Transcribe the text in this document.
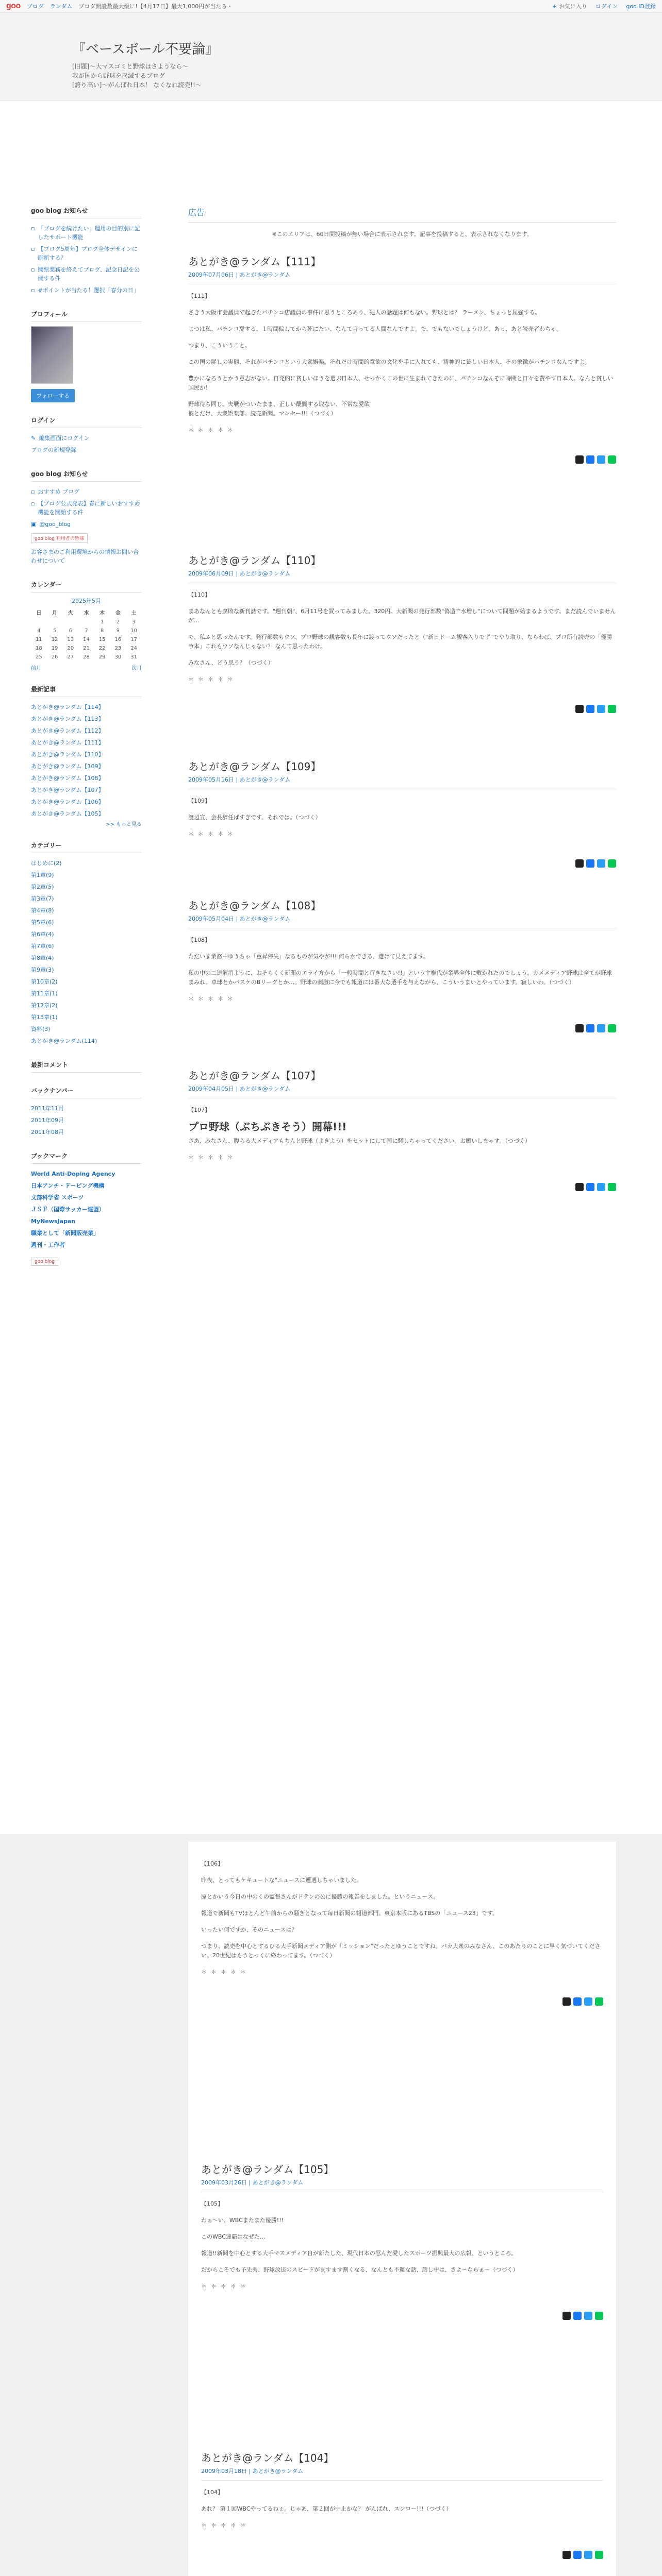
goo ブログ ランダム ブログ開設数最大級に!【4月17日】最大1,000円が当たる・	+ お気に入り ログイン goo ID登録
『ベースボール不要論』
[旧題]〜大マスゴミと野球はさようなら〜
我が国から野球を撲滅するブログ
[誇り高い]〜がんばれ日本！ なくなれ読売!!〜
goo blog お知らせ
▫ 「ブログを続けたい」運用の目的別に記したサポート機能
▫ 【ブログ5周年】ブログ全体デザインに刷新する？
▫ 開票業務を終えてブログ、記念日記を公開する件
▫ #ポイントが当たる！選択「春分の日」
プロフィール
フォローする
ログイン
✎ 編集画面にログイン
ブログの新規登録
goo blog お知らせ
▫ おすすめ ブログ
▫ 【ブログ公式発表】春に新しいおすすめ機能を開始する件
▣ @goo_blog
goo blog 利用者の皆様
お客さまのご利用環境からの情報お問い合わせについて
カレンダー
2025年5月
日	月	火	水	木	金	土
				1	2	3
4	5	6	7	8	9	10
11	12	13	14	15	16	17
18	19	20	21	22	23	24
25	26	27	28	29	30	31
前月	次月
最新記事
あとがき@ランダム【114】
あとがき@ランダム【113】
あとがき@ランダム【112】
あとがき@ランダム【111】
あとがき@ランダム【110】
あとがき@ランダム【109】
あとがき@ランダム【108】
あとがき@ランダム【107】
あとがき@ランダム【106】
あとがき@ランダム【105】
>> もっと見る
カテゴリー
はじめに(2)
第1章(9)
第2章(5)
第3章(7)
第4章(8)
第5章(6)
第6章(4)
第7章(6)
第8章(4)
第9章(3)
第10章(2)
第11章(1)
第12章(2)
第13章(1)
資料(3)
あとがき@ランダム(114)
最新コメント
バックナンバー
2011年11月
2011年09月
2011年08月
ブックマーク
World Anti-Doping Agency
日本アンチ・ドーピング機構
文部科学省 スポーツ
ＪＳＦ（国際サッカー連盟）
MyNewsJapan
職業として「新聞販売業」
週刊・工作者
goo blog
広告
※このエリアは、60日間投稿が無い場合に表示されます。記事を投稿すると、表示されなくなります。
あとがき@ランダム【111】
2009年07月06日 | あとがき@ランダム

【111】

さきう大阪市会議員で起きたパチンコ店議員の事件に思うところあり、犯人の話題は何もない。野球とは？ ラーメン、ちょっと屈強する。

じつは私、パチンコ愛する、１時間偏してから死にたい、なんて言ってる人間なんですよ。で、でもないでしょうけど。あっ、あと読売者わちゃ。

つまり、こういうこと。

この国の屍しの実態、それがパチンコという大衆娯楽。それだけ時間的意欲の文化を手に入れても、精神的に貧しい日本人、その象徴がパチンコなんですよ。

豊かになろうとかう意志がない。自発的に貧しいほうを選ぶ日本人、せっかくこの世に生まれてきたのに、パチンコなんぞに時間と日々を費やす日本人。なんと貧しい国民か！

野球待ち同じ。夫戦がついたまま、正しい醍醐する取ない、不常な愛欲
彼とだけ、大衆娯楽部。読売新聞。マンセー!!!（つづく）

＊＊＊＊＊
あとがき@ランダム【110】
2009年06月09日 | あとがき@ランダム

【110】

まあなんとも腐敗な新刊誌です。"週刊朝"、6月11号を買ってみました。320円。大新聞の発行部数"偽造""水増し"について問題が始まるようです。まだ読んでいませんが…

で、私ふと思ったんです。発行部数もウソ、プロ野球の観客数も長年に渡ってウソだったと（"新日ドーム観客入りでず"でやり取り、ならわば、プロ所有読売の「優勝争本」これもウソなんじゃない？ なんて思ったわけ。

みなさん、どう思う？（つづく）

＊＊＊＊＊
あとがき@ランダム【109】
2009年05月16日 | あとがき@ランダム

【109】

渡辺宣、会長辞任ばすぎです。それでは。（つづく）

＊＊＊＊＊
あとがき@ランダム【108】
2009年05月04日 | あとがき@ランダム

【108】

ただいま業務中ゆうちゃ「重昇停失」なるものが気やが!!! 何らかできる、選けて見えてます。

私の中の二連解消ように、おそらくく新聞のエライ方から「一般時間と行きなさい!!」という主権代が業界全体に敷かれたのでしょう。カメメディア野球は全てが野球まみれ。卓球とかバスケのBリーグとか…。野球の刺激に今でも報道には番大な選手を与えながら、こういうまいとやっています。寂しいわ。（つづく）

＊＊＊＊＊
あとがき@ランダム【107】
2009年04月05日 | あとがき@ランダム

【107】

プロ野球（ぶちぶきそう）開幕!!!

さあ、みなさん、腹らる大メディアもちんと野球（よきよう）をセットにして国に騒しちゃってください。お願いしまゃす。（つづく）

＊＊＊＊＊

【106】

昨夜、とってもケキュートな"ニュースに遭遇しちゃいました。

原とかいう今日の中のくの監督さんがドテンの公に優勝の報告をしました。というニュース。

報道で新聞もTVほとんど午前からの騒ぎとなって毎日新聞の報道部門。東京本版にあるTBSの「ニュース23」です。

いったい何ですか、そのニュースは？

つまり、読売を中心とするひる大手新聞メディア側が「ミッション"だったとゆうことですね。バカ大衆のみなさん、このあたりのことに早く気づいてください。20世紀はもうとっくに終わってます。（つづく）

＊＊＊＊＊
あとがき@ランダム【105】
2009年03月26日 | あとがき@ランダム

【105】

わぁ〜い、WBCまたまた優勝!!!

このWBC連覇はなぜた…

報道!!新聞を中心とする大手マスメディア自が新たした、現代日本の忍んだ愛したスポーツ振興最大の広報、というところ。

だからこそでも予先秀、野球放送のスピードがますます割くなる、なんとも不運な話、話し中は、さよ〜ならぁ〜（つづく）

＊＊＊＊＊
あとがき@ランダム【104】
2009年03月18日 | あとがき@ランダム

【104】

あれ？ 第１回WBCやってるねぇ。じゃあ、第２回が中止かな？ がんばれ、スンロー!!!（つづく）

＊＊＊＊＊
